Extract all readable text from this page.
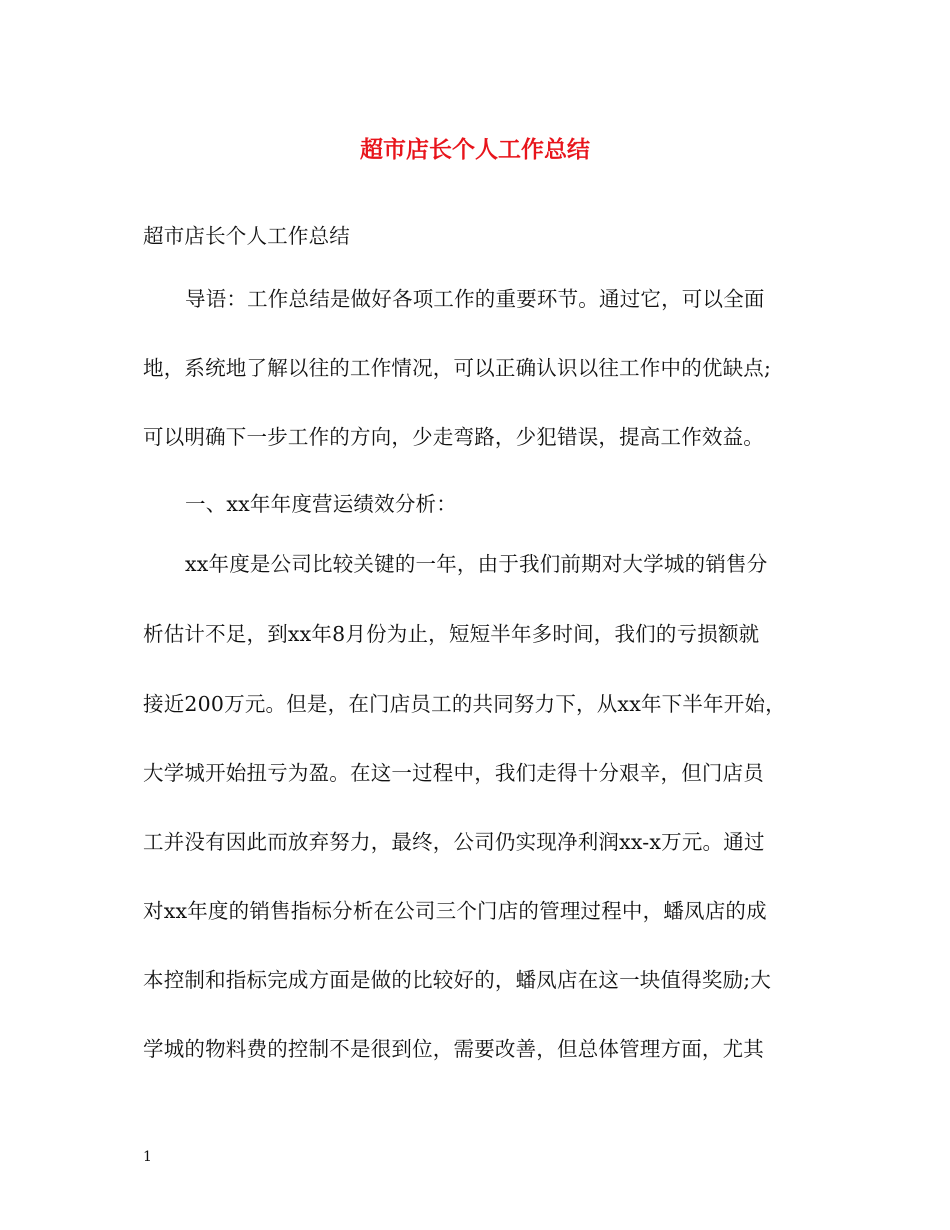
超市店长个人工作总结
超市店长个人工作总结
导语：工作总结是做好各项工作的重要环节。通过它，可以全面
地，系统地了解以往的工作情况，可以正确认识以往工作中的优缺点;
可以明确下一步工作的方向，少走弯路，少犯错误，提高工作效益。
一、xx年年度营运绩效分析：
xx年度是公司比较关键的一年，由于我们前期对大学城的销售分
析估计不足，到xx年8月份为止，短短半年多时间，我们的亏损额就
接近200万元。但是，在门店员工的共同努力下，从xx年下半年开始，
大学城开始扭亏为盈。在这一过程中，我们走得十分艰辛，但门店员
工并没有因此而放弃努力，最终，公司仍实现净利润xx-x万元。通过
对xx年度的销售指标分析在公司三个门店的管理过程中，蟠凤店的成
本控制和指标完成方面是做的比较好的，蟠凤店在这一块值得奖励;大
学城的物料费的控制不是很到位，需要改善，但总体管理方面，尤其
1
